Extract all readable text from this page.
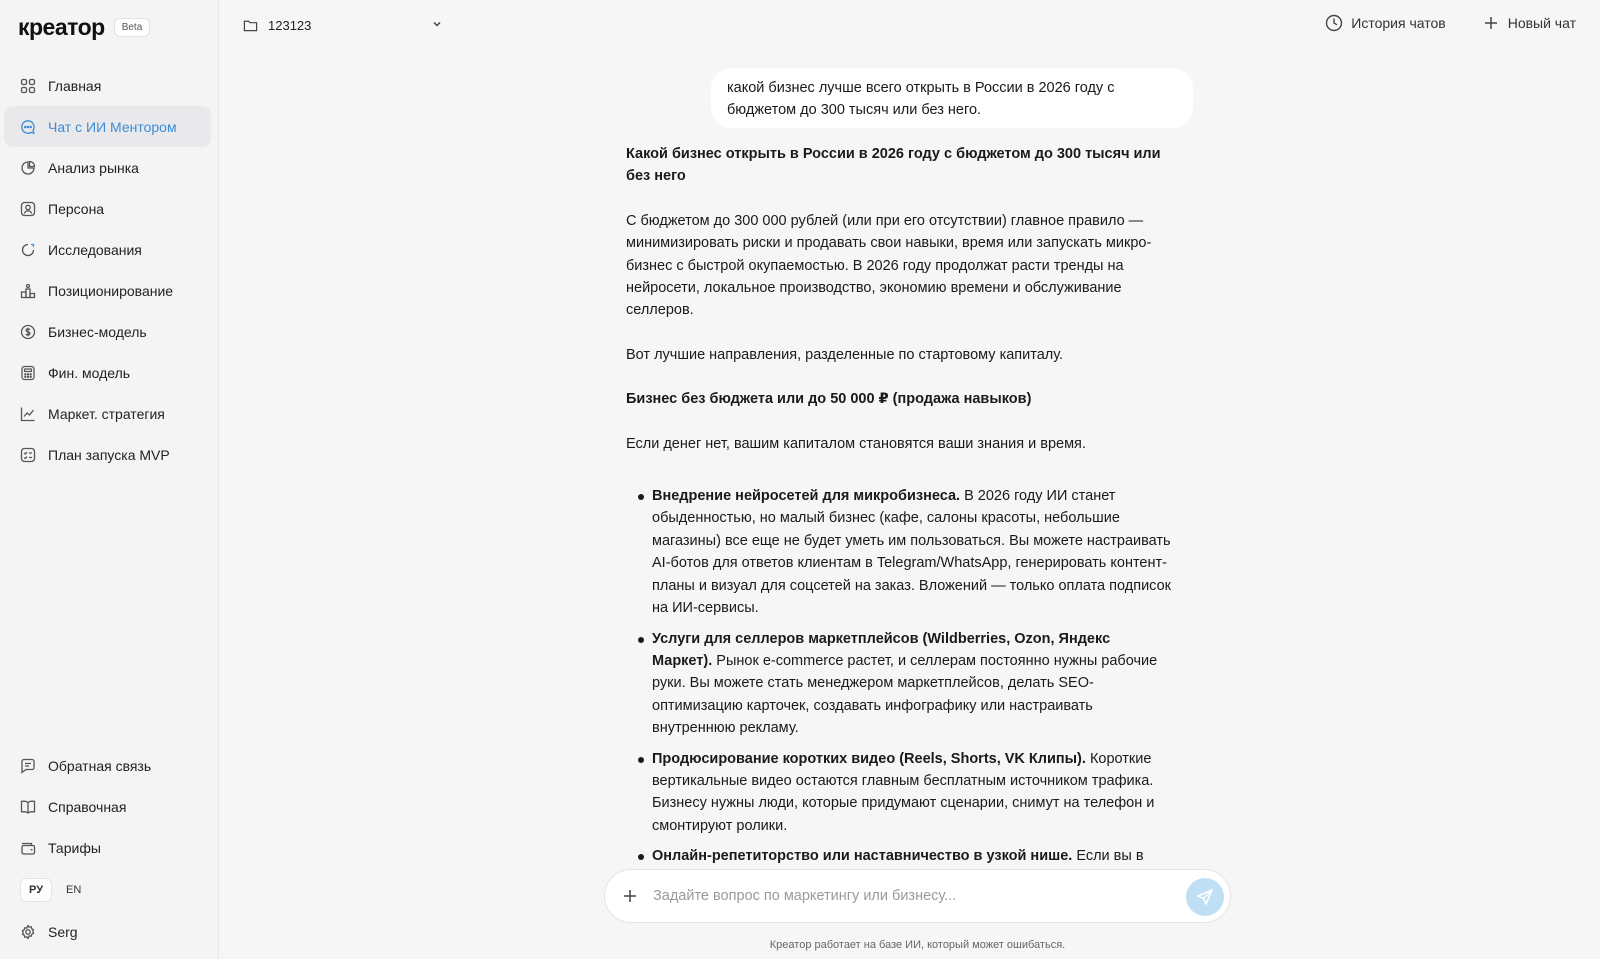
креатор	Beta
Главная
Чат с ИИ Ментором
Анализ рынка
Персона
Исследования
Позиционирование
Бизнес-модель
Фин. модель
Маркет. стратегия
План запуска MVP
Обратная связь
Справочная
Тарифы
РУ	EN
Serg
123123	История чатов	Новый чат
какой бизнес лучше всего открыть в России в 2026 году с бюджетом до 300 тысяч или без него.

Какой бизнес открыть в России в 2026 году с бюджетом до 300 тысяч или без него

С бюджетом до 300 000 рублей (или при его отсутствии) главное правило — минимизировать риски и продавать свои навыки, время или запускать микро-бизнес с быстрой окупаемостью. В 2026 году продолжат расти тренды на нейросети, локальное производство, экономию времени и обслуживание селлеров.

Вот лучшие направления, разделенные по стартовому капиталу.

Бизнес без бюджета или до 50 000 ₽ (продажа навыков)

Если денег нет, вашим капиталом становятся ваши знания и время.

Внедрение нейросетей для микробизнеса. В 2026 году ИИ станет обыденностью, но малый бизнес (кафе, салоны красоты, небольшие магазины) все еще не будет уметь им пользоваться. Вы можете настраивать AI-ботов для ответов клиентам в Telegram/WhatsApp, генерировать контент-планы и визуал для соцсетей на заказ. Вложений — только оплата подписок на ИИ-сервисы.
Услуги для селлеров маркетплейсов (Wildberries, Ozon, Яндекс Маркет). Рынок e-commerce растет, и селлерам постоянно нужны рабочие руки. Вы можете стать менеджером маркетплейсов, делать SEO-оптимизацию карточек, создавать инфографику или настраивать внутреннюю рекламу.
Продюсирование коротких видео (Reels, Shorts, VK Клипы). Короткие вертикальные видео остаются главным бесплатным источником трафика. Бизнесу нужны люди, которые придумают сценарии, снимут на телефон и смонтируют ролики.
Онлайн-репетиторство или наставничество в узкой нише. Если вы в
Задайте вопрос по маркетингу или бизнесу...
Креатор работает на базе ИИ, который может ошибаться.
